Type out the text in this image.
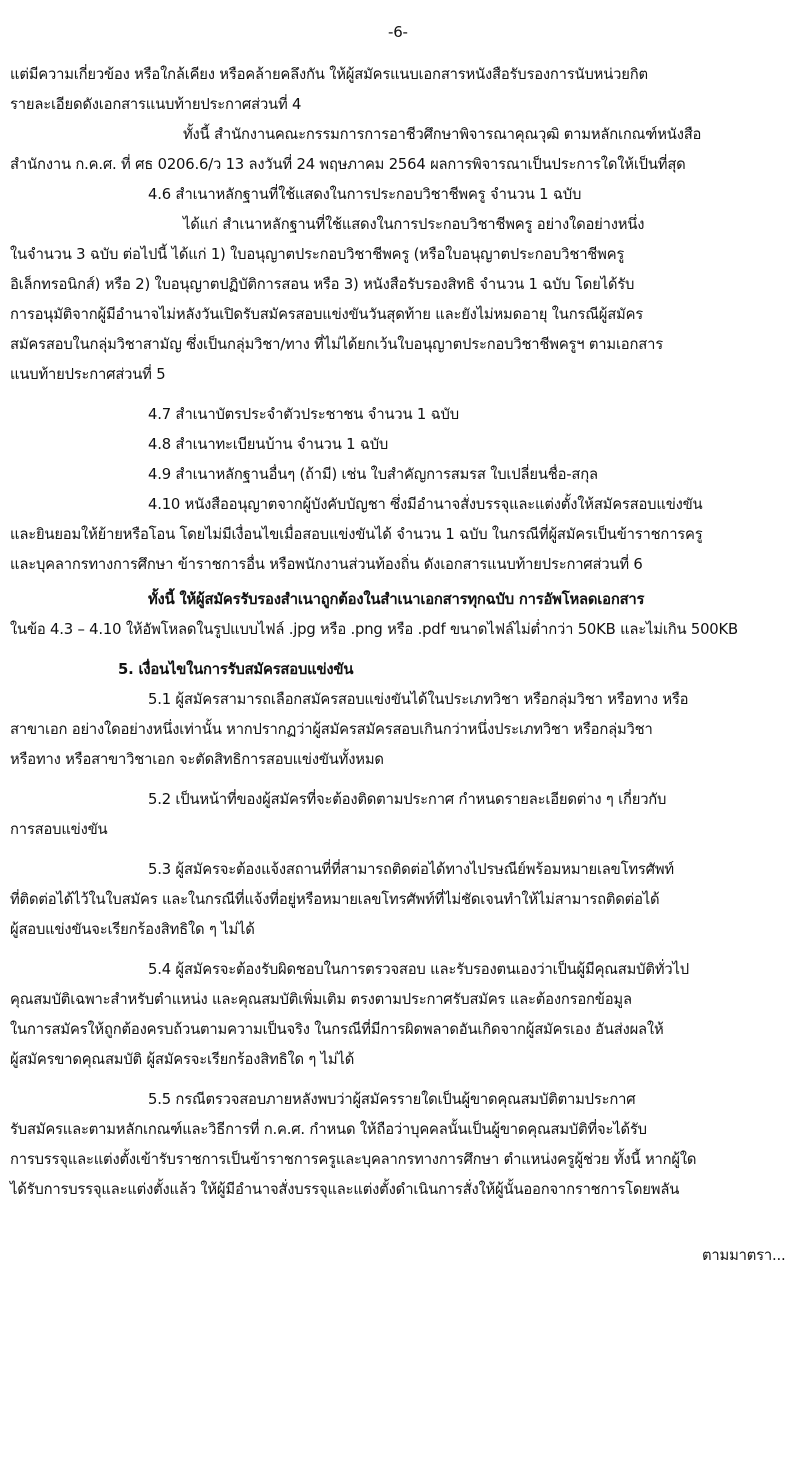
-6-
แต่มีความเกี่ยวข้อง หรือใกล้เคียง หรือคล้ายคลึงกัน ให้ผู้สมัครแนบเอกสารหนังสือรับรองการนับหน่วยกิต
รายละเอียดดังเอกสารแนบท้ายประกาศส่วนที่ 4
ทั้งนี้ สำนักงานคณะกรรมการการอาชีวศึกษาพิจารณาคุณวุฒิ ตามหลักเกณฑ์หนังสือ
สำนักงาน ก.ค.ศ. ที่ ศธ 0206.6/ว 13 ลงวันที่ 24 พฤษภาคม 2564 ผลการพิจารณาเป็นประการใดให้เป็นที่สุด
4.6 สำเนาหลักฐานที่ใช้แสดงในการประกอบวิชาชีพครู จำนวน 1 ฉบับ
ได้แก่ สำเนาหลักฐานที่ใช้แสดงในการประกอบวิชาชีพครู อย่างใดอย่างหนึ่ง
ในจำนวน 3 ฉบับ ต่อไปนี้ ได้แก่ 1) ใบอนุญาตประกอบวิชาชีพครู (หรือใบอนุญาตประกอบวิชาชีพครู
อิเล็กทรอนิกส์) หรือ 2) ใบอนุญาตปฏิบัติการสอน หรือ 3) หนังสือรับรองสิทธิ จำนวน 1 ฉบับ โดยได้รับ
การอนุมัติจากผู้มีอำนาจไม่หลังวันเปิดรับสมัครสอบแข่งขันวันสุดท้าย และยังไม่หมดอายุ ในกรณีผู้สมัคร
สมัครสอบในกลุ่มวิชาสามัญ ซึ่งเป็นกลุ่มวิชา/ทาง ที่ไม่ได้ยกเว้นใบอนุญาตประกอบวิชาชีพครูฯ ตามเอกสาร
แนบท้ายประกาศส่วนที่ 5
4.7 สำเนาบัตรประจำตัวประชาชน จำนวน 1 ฉบับ
4.8 สำเนาทะเบียนบ้าน จำนวน 1 ฉบับ
4.9 สำเนาหลักฐานอื่นๆ (ถ้ามี) เช่น ใบสำคัญการสมรส ใบเปลี่ยนชื่อ-สกุล
4.10 หนังสืออนุญาตจากผู้บังคับบัญชา ซึ่งมีอำนาจสั่งบรรจุและแต่งตั้งให้สมัครสอบแข่งขัน
และยินยอมให้ย้ายหรือโอน โดยไม่มีเงื่อนไขเมื่อสอบแข่งขันได้ จำนวน 1 ฉบับ ในกรณีที่ผู้สมัครเป็นข้าราชการครู
และบุคลากรทางการศึกษา ข้าราชการอื่น หรือพนักงานส่วนท้องถิ่น ดังเอกสารแนบท้ายประกาศส่วนที่ 6
ทั้งนี้ ให้ผู้สมัครรับรองสำเนาถูกต้องในสำเนาเอกสารทุกฉบับ การอัพโหลดเอกสาร
ในข้อ 4.3 – 4.10 ให้อัพโหลดในรูปแบบไฟล์ .jpg หรือ .png หรือ .pdf ขนาดไฟล์ไม่ต่ำกว่า 50KB และไม่เกิน 500KB
5. เงื่อนไขในการรับสมัครสอบแข่งขัน
5.1 ผู้สมัครสามารถเลือกสมัครสอบแข่งขันได้ในประเภทวิชา หรือกลุ่มวิชา หรือทาง หรือ
สาขาเอก อย่างใดอย่างหนึ่งเท่านั้น หากปรากฏว่าผู้สมัครสมัครสอบเกินกว่าหนึ่งประเภทวิชา หรือกลุ่มวิชา
หรือทาง หรือสาขาวิชาเอก จะตัดสิทธิการสอบแข่งขันทั้งหมด
5.2 เป็นหน้าที่ของผู้สมัครที่จะต้องติดตามประกาศ กำหนดรายละเอียดต่าง ๆ เกี่ยวกับ
การสอบแข่งขัน
5.3 ผู้สมัครจะต้องแจ้งสถานที่ที่สามารถติดต่อได้ทางไปรษณีย์พร้อมหมายเลขโทรศัพท์
ที่ติดต่อได้ไว้ในใบสมัคร และในกรณีที่แจ้งที่อยู่หรือหมายเลขโทรศัพท์ที่ไม่ชัดเจนทำให้ไม่สามารถติดต่อได้
ผู้สอบแข่งขันจะเรียกร้องสิทธิใด ๆ ไม่ได้
5.4 ผู้สมัครจะต้องรับผิดชอบในการตรวจสอบ และรับรองตนเองว่าเป็นผู้มีคุณสมบัติทั่วไป
คุณสมบัติเฉพาะสำหรับตำแหน่ง และคุณสมบัติเพิ่มเติม ตรงตามประกาศรับสมัคร และต้องกรอกข้อมูล
ในการสมัครให้ถูกต้องครบถ้วนตามความเป็นจริง ในกรณีที่มีการผิดพลาดอันเกิดจากผู้สมัครเอง อันส่งผลให้
ผู้สมัครขาดคุณสมบัติ ผู้สมัครจะเรียกร้องสิทธิใด ๆ ไม่ได้
5.5 กรณีตรวจสอบภายหลังพบว่าผู้สมัครรายใดเป็นผู้ขาดคุณสมบัติตามประกาศ
รับสมัครและตามหลักเกณฑ์และวิธีการที่ ก.ค.ศ. กำหนด ให้ถือว่าบุคคลนั้นเป็นผู้ขาดคุณสมบัติที่จะได้รับ
การบรรจุและแต่งตั้งเข้ารับราชการเป็นข้าราชการครูและบุคลากรทางการศึกษา ตำแหน่งครูผู้ช่วย ทั้งนี้ หากผู้ใด
ได้รับการบรรจุและแต่งตั้งแล้ว ให้ผู้มีอำนาจสั่งบรรจุและแต่งตั้งดำเนินการสั่งให้ผู้นั้นออกจากราชการโดยพลัน
ตามมาตรา...
